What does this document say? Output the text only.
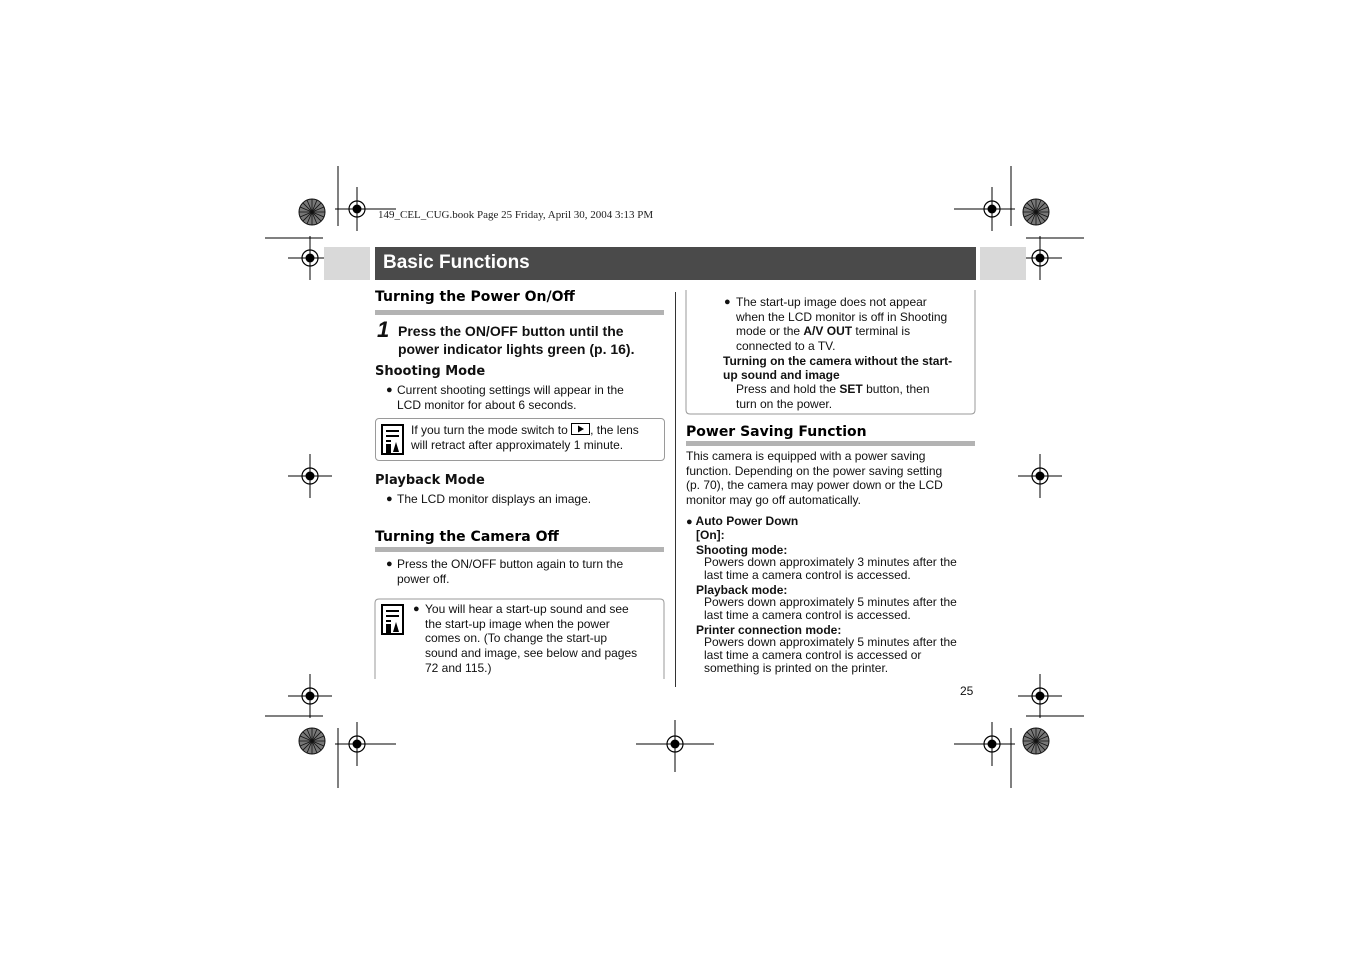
149_CEL_CUG.book Page 25 Friday, April 30, 2004 3:13 PM
Basic Functions
Turning the Power On/Off
1 Press the ON/OFF button until the
power indicator lights green (p. 16).
Shooting Mode
● Current shooting settings will appear in the
LCD monitor for about 6 seconds.
If you turn the mode switch to , the lens
will retract after approximately 1 minute.
Playback Mode
● The LCD monitor displays an image.
Turning the Camera Off
● Press the ON/OFF button again to turn the
power off.
● You will hear a start-up sound and see
the start-up image when the power
comes on. (To change the start-up
sound and image, see below and pages
72 and 115.)
● The start-up image does not appear
when the LCD monitor is off in Shooting
mode or the A/V OUT terminal is
connected to a TV.
Turning on the camera without the start-
up sound and image
Press and hold the SET button, then
turn on the power.
Power Saving Function
This camera is equipped with a power saving
function. Depending on the power saving setting
(p. 70), the camera may power down or the LCD
monitor may go off automatically.
● Auto Power Down
[On]:
Shooting mode:
Powers down approximately 3 minutes after the
last time a camera control is accessed.
Playback mode:
Powers down approximately 5 minutes after the
last time a camera control is accessed.
Printer connection mode:
Powers down approximately 5 minutes after the
last time a camera control is accessed or
something is printed on the printer.
25
